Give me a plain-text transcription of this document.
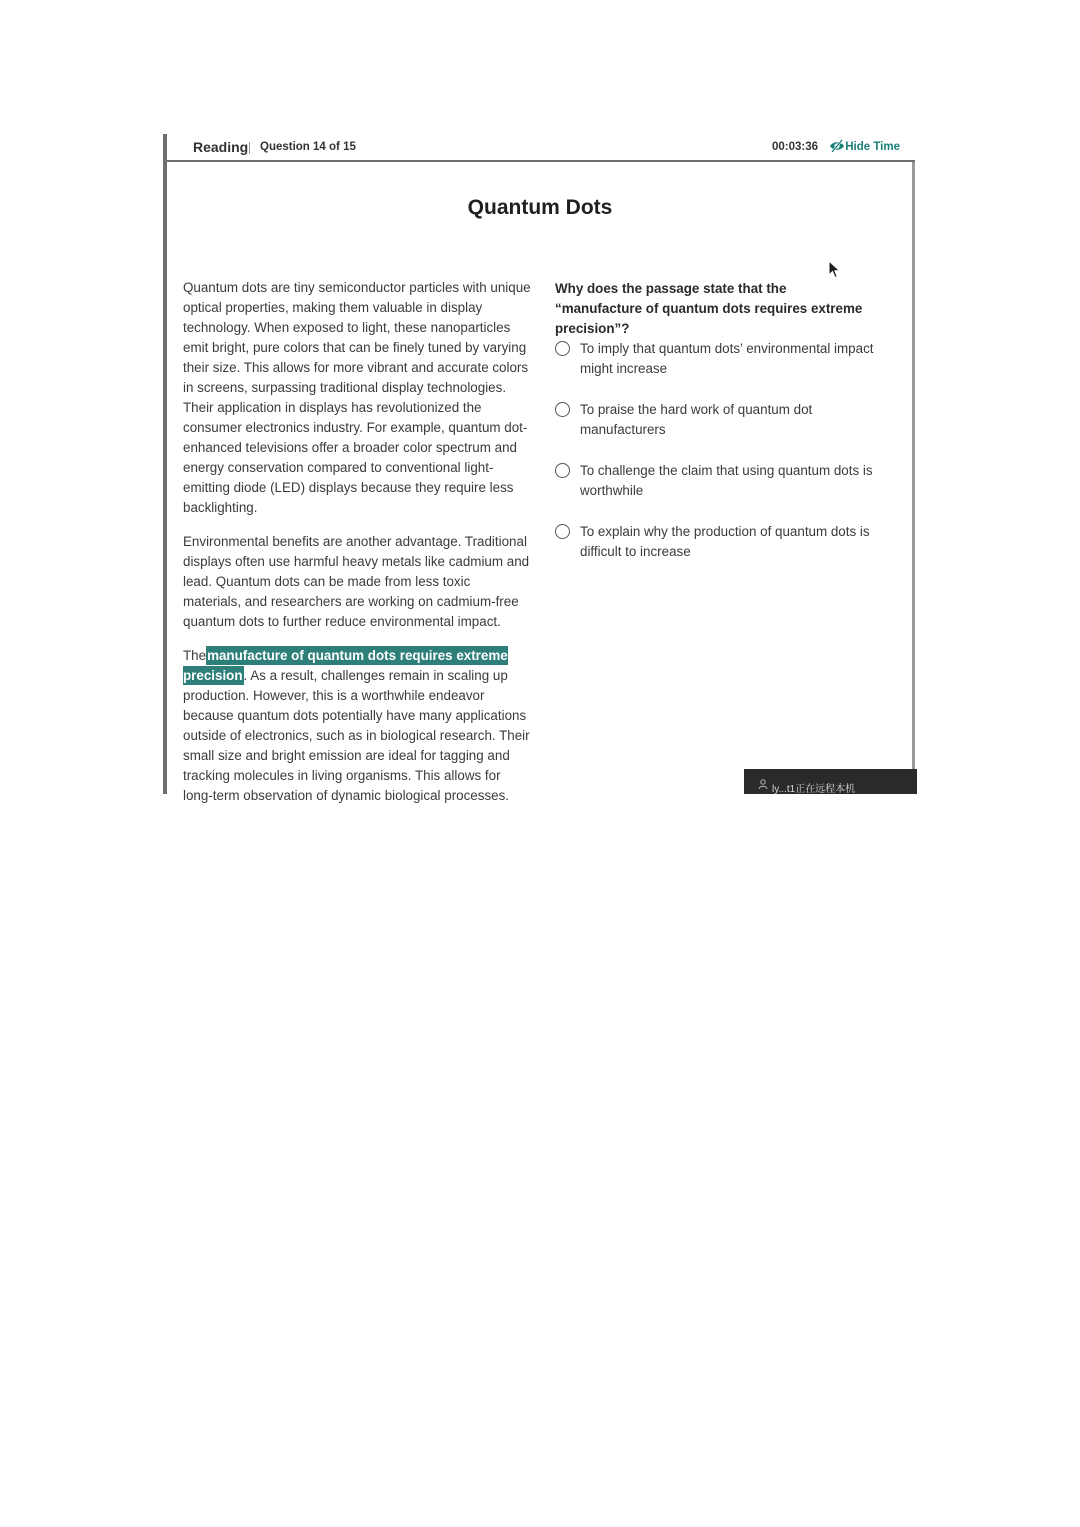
Reading Question 14 of 15	00:03:36 Hide Time
Quantum Dots

Quantum dots are tiny semiconductor particles with unique optical properties, making them valuable in display technology. When exposed to light, these nanoparticles emit bright, pure colors that can be finely tuned by varying their size. This allows for more vibrant and accurate colors in screens, surpassing traditional display technologies. Their application in displays has revolutionized the consumer electronics industry. For example, quantum dot-enhanced televisions offer a broader color spectrum and energy conservation compared to conventional light-emitting diode (LED) displays because they require less backlighting.

Environmental benefits are another advantage. Traditional displays often use harmful heavy metals like cadmium and lead. Quantum dots can be made from less toxic materials, and researchers are working on cadmium-free quantum dots to further reduce environmental impact.

Themanufacture of quantum dots requires extreme precision. As a result, challenges remain in scaling up production. However, this is a worthwhile endeavor because quantum dots potentially have many applications outside of electronics, such as in biological research. Their small size and bright emission are ideal for tagging and tracking molecules in living organisms. This allows for long-term observation of dynamic biological processes.

Why does the passage state that the “manufacture of quantum dots requires extreme precision”?
To imply that quantum dots’ environmental impact might increase
To praise the hard work of quantum dot manufacturers
To challenge the claim that using quantum dots is worthwhile
To explain why the production of quantum dots is difficult to increase
ly...t1正在远程本机
